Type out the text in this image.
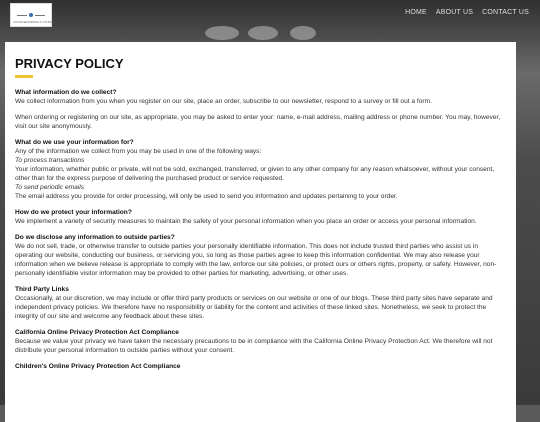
CONSCIENCEWOLF STUDIO
HOME ABOUT US CONTACT US
PRIVACY POLICY
What information do we collect?

We collect information from you when you register on our site, place an order, subscribe to our newsletter, respond to a survey or fill out a form.

When ordering or registering on our site, as appropriate, you may be asked to enter your: name, e-mail address, mailing address or phone number. You may, however, visit our site anonymously.

What do we use your information for?

Any of the information we collect from you may be used in one of the following ways:

To process transactions

Your information, whether public or private, will not be sold, exchanged, transferred, or given to any other company for any reason whatsoever, without your consent, other than for the express purpose of delivering the purchased product or service requested.

To send periodic emails

The email address you provide for order processing, will only be used to send you information and updates pertaining to your order.

How do we protect your information?

We implement a variety of security measures to maintain the safety of your personal information when you place an order or access your personal information.

Do we disclose any information to outside parties?

We do not sell, trade, or otherwise transfer to outside parties your personally identifiable information. This does not include trusted third parties who assist us in operating our website, conducting our business, or servicing you, so long as those parties agree to keep this information confidential. We may also release your information when we believe release is appropriate to comply with the law, enforce our site policies, or protect ours or others rights, property, or safety. However, non-personally identifiable visitor information may be provided to other parties for marketing, advertising, or other uses.

Third Party Links

Occasionally, at our discretion, we may include or offer third party products or services on our website or one of our blogs. These third party sites have separate and independent privacy policies. We therefore have no responsibility or liability for the content and activities of these linked sites. Nonetheless, we seek to protect the integrity of our site and welcome any feedback about these sites.

California Online Privacy Protection Act Compliance

Because we value your privacy we have taken the necessary precautions to be in compliance with the California Online Privacy Protection Act. We therefore will not distribute your personal information to outside parties without your consent.

Children's Online Privacy Protection Act Compliance
